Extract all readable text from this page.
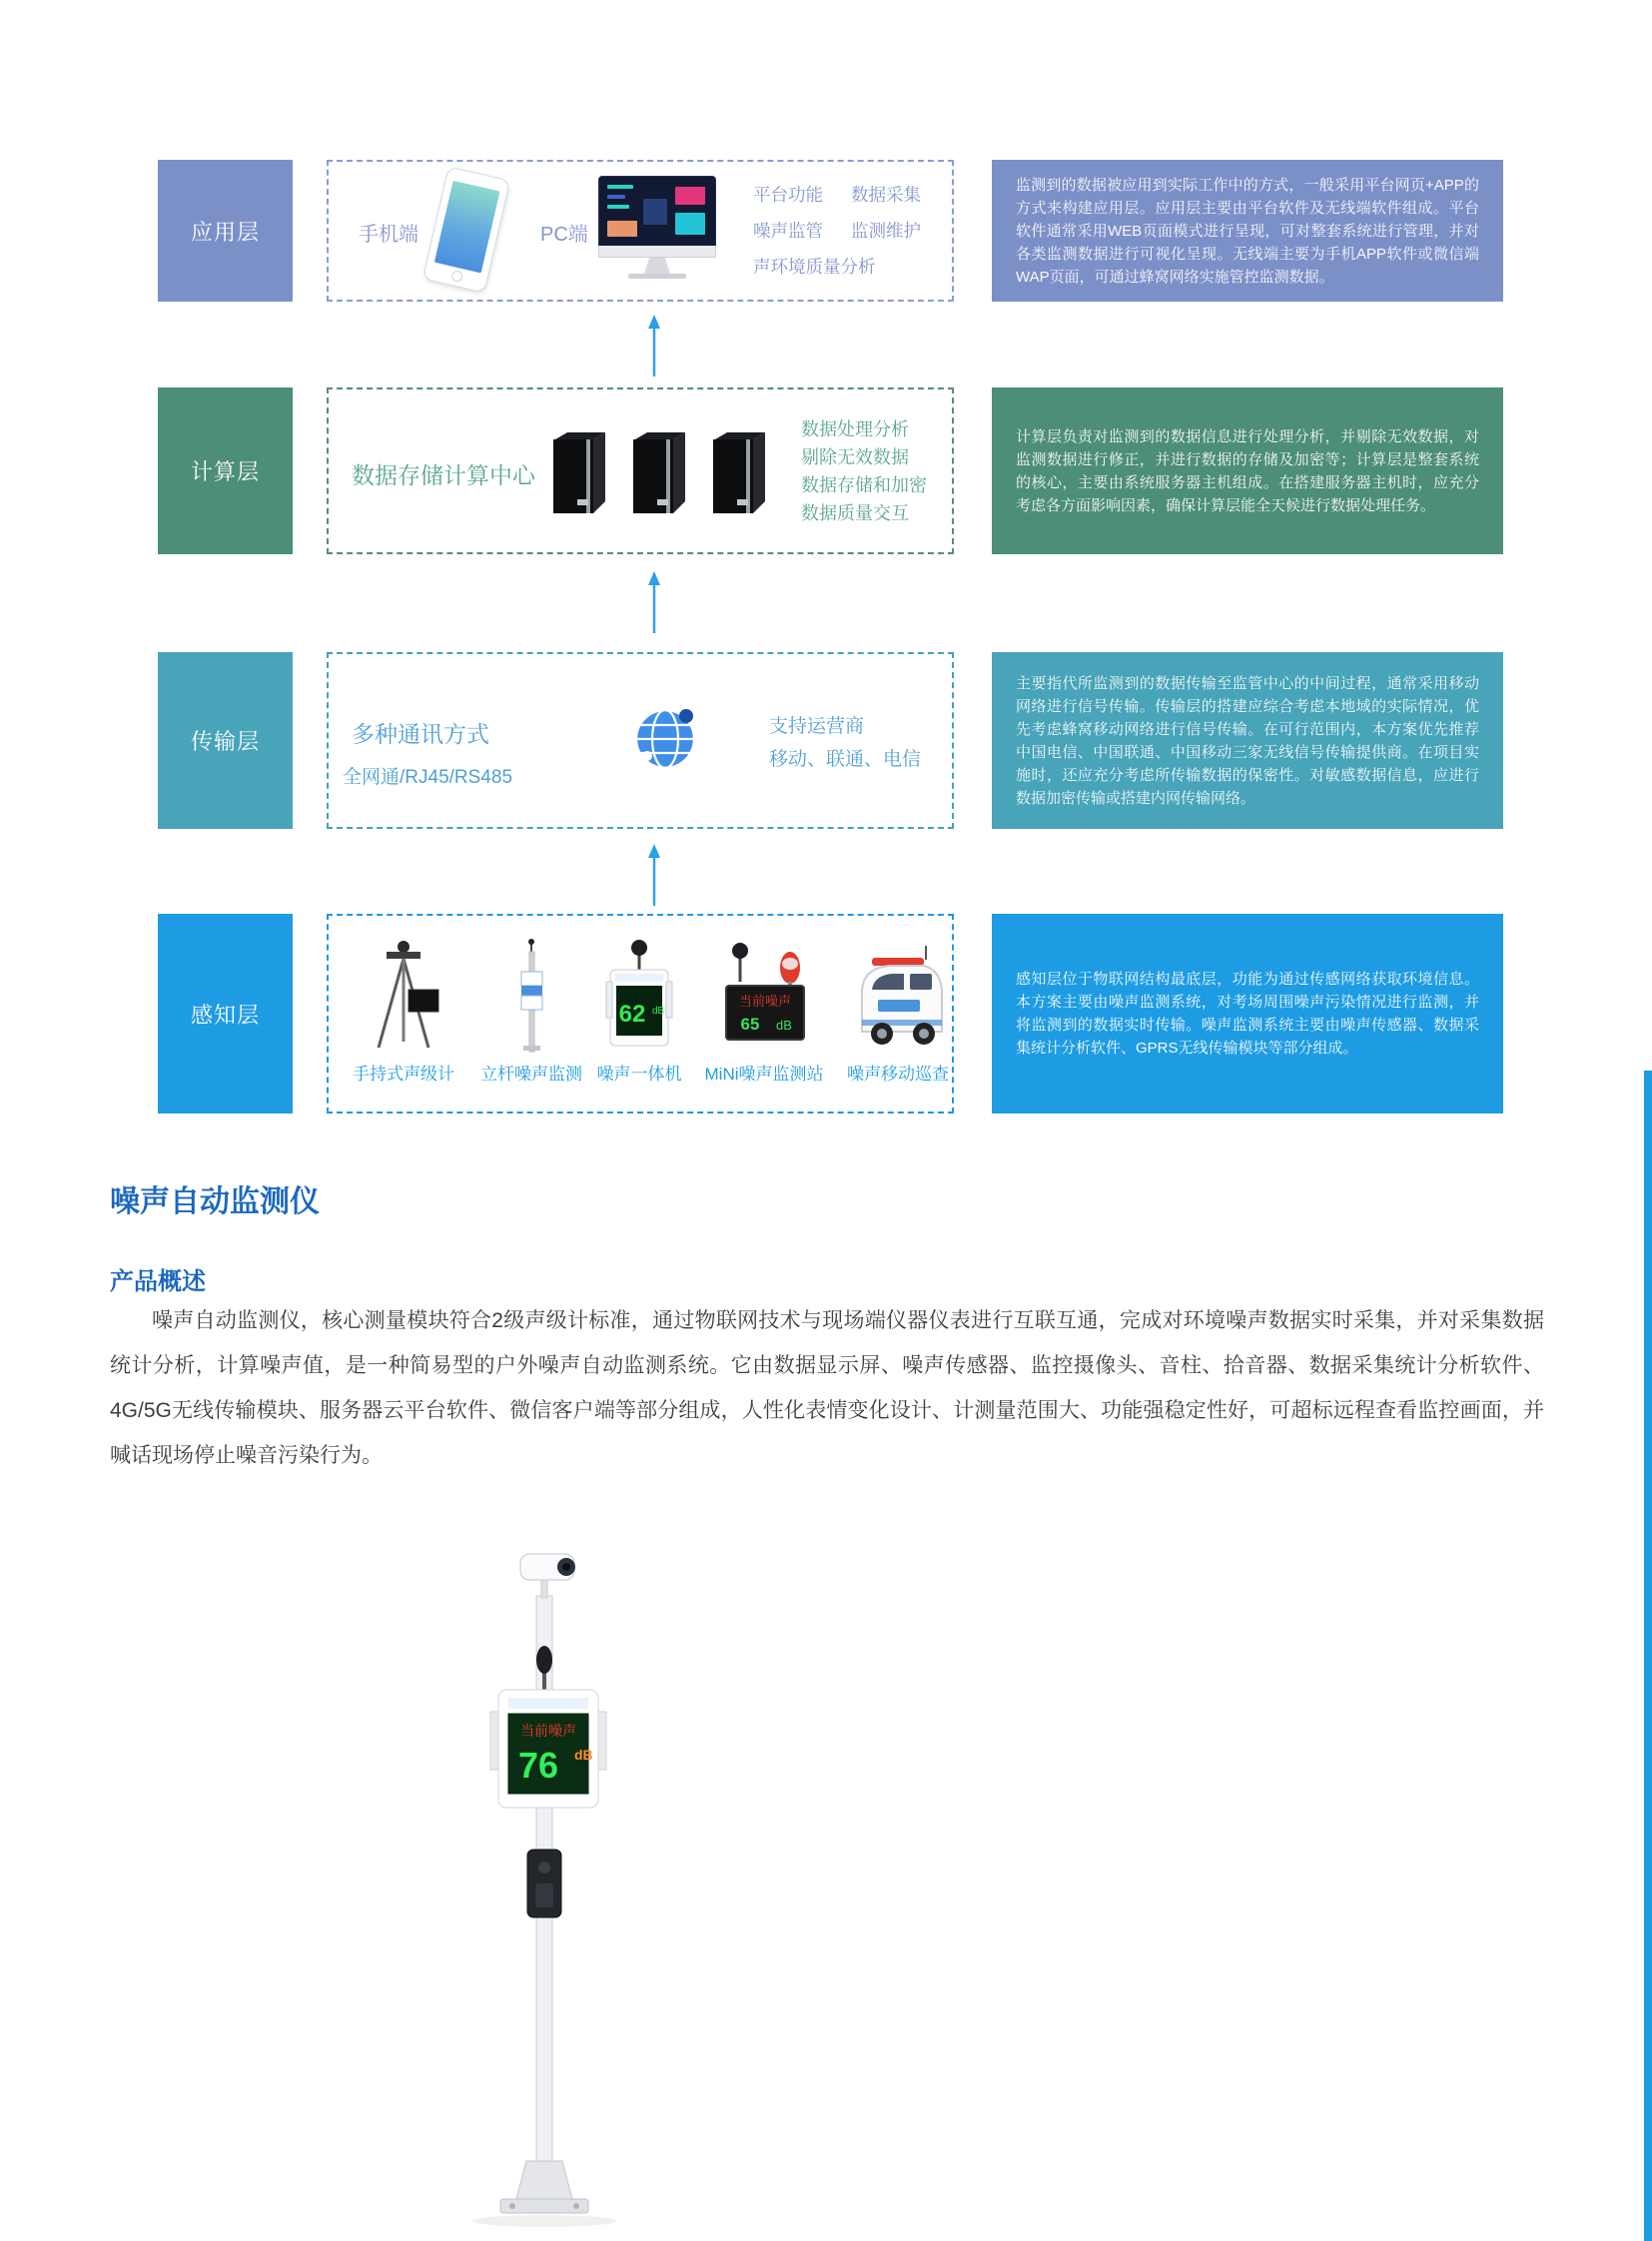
应用层	手机端	PC端
平台功能 数据采集
噪声监管 监测维护
声环境质量分析

监测到的数据被应用到实际工作中的方式，一般采用平台网页+APP的方式来构建应用层。应用层主要由平台软件及无线端软件组成。平台软件通常采用WEB页面模式进行呈现，可对整套系统进行管理，并对各类监测数据进行可视化呈现。无线端主要为手机APP软件或微信端WAP页面，可通过蜂窝网络实施管控监测数据。

计算层	数据存储计算中心
数据处理分析
剔除无效数据
数据存储和加密
数据质量交互

计算层负责对监测到的数据信息进行处理分析，并剔除无效数据，对监测数据进行修正，并进行数据的存储及加密等；计算层是整套系统的核心，主要由系统服务器主机组成。在搭建服务器主机时，应充分考虑各方面影响因素，确保计算层能全天候进行数据处理任务。

传输层	多种通讯方式
全网通/RJ45/RS485
支持运营商
移动、联通、电信

主要指代所监测到的数据传输至监管中心的中间过程，通常采用移动网络进行信号传输。传输层的搭建应综合考虑本地域的实际情况，优先考虑蜂窝移动网络进行信号传输。在可行范围内，本方案优先推荐中国电信、中国联通、中国移动三家无线信号传输提供商。在项目实施时，还应充分考虑所传输数据的保密性。对敏感数据信息，应进行数据加密传输或搭建内网传输网络。

感知层
手持式声级计	立杆噪声监测
62 dB
噪声一体机
当前噪声
65 dB
MiNi噪声监测站	噪声移动巡查

感知层位于物联网结构最底层，功能为通过传感网络获取环境信息。本方案主要由噪声监测系统，对考场周围噪声污染情况进行监测，并将监测到的数据实时传输。噪声监测系统主要由噪声传感器、数据采集统计分析软件、GPRS无线传输模块等部分组成。

噪声自动监测仪
产品概述

噪声自动监测仪，核心测量模块符合2级声级计标准，通过物联网技术与现场端仪器仪表进行互联互通，完成对环境噪声数据实时采集，并对采集数据统计分析，计算噪声值，是一种简易型的户外噪声自动监测系统。它由数据显示屏、噪声传感器、监控摄像头、音柱、拾音器、数据采集统计分析软件、4G/5G无线传输模块、服务器云平台软件、微信客户端等部分组成，人性化表情变化设计、计测量范围大、功能强稳定性好，可超标远程查看监控画面，并喊话现场停止噪音污染行为。

当前噪声
76 dB
